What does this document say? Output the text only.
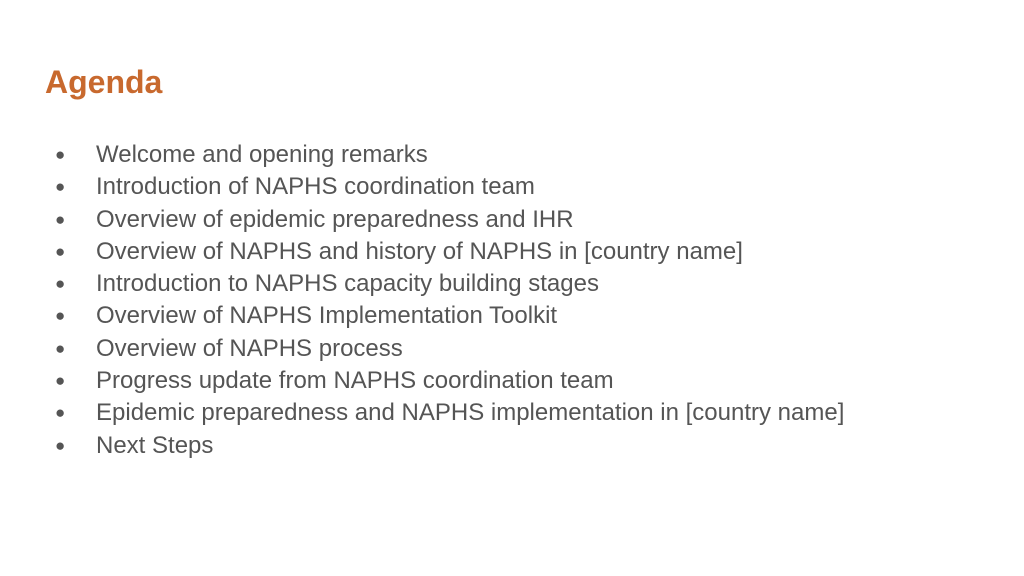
Agenda
● Welcome and opening remarks
● Introduction of NAPHS coordination team
● Overview of epidemic preparedness and IHR
● Overview of NAPHS and history of NAPHS in [country name]
● Introduction to NAPHS capacity building stages
● Overview of NAPHS Implementation Toolkit
● Overview of NAPHS process
● Progress update from NAPHS coordination team
● Epidemic preparedness and NAPHS implementation in [country name]
● Next Steps
